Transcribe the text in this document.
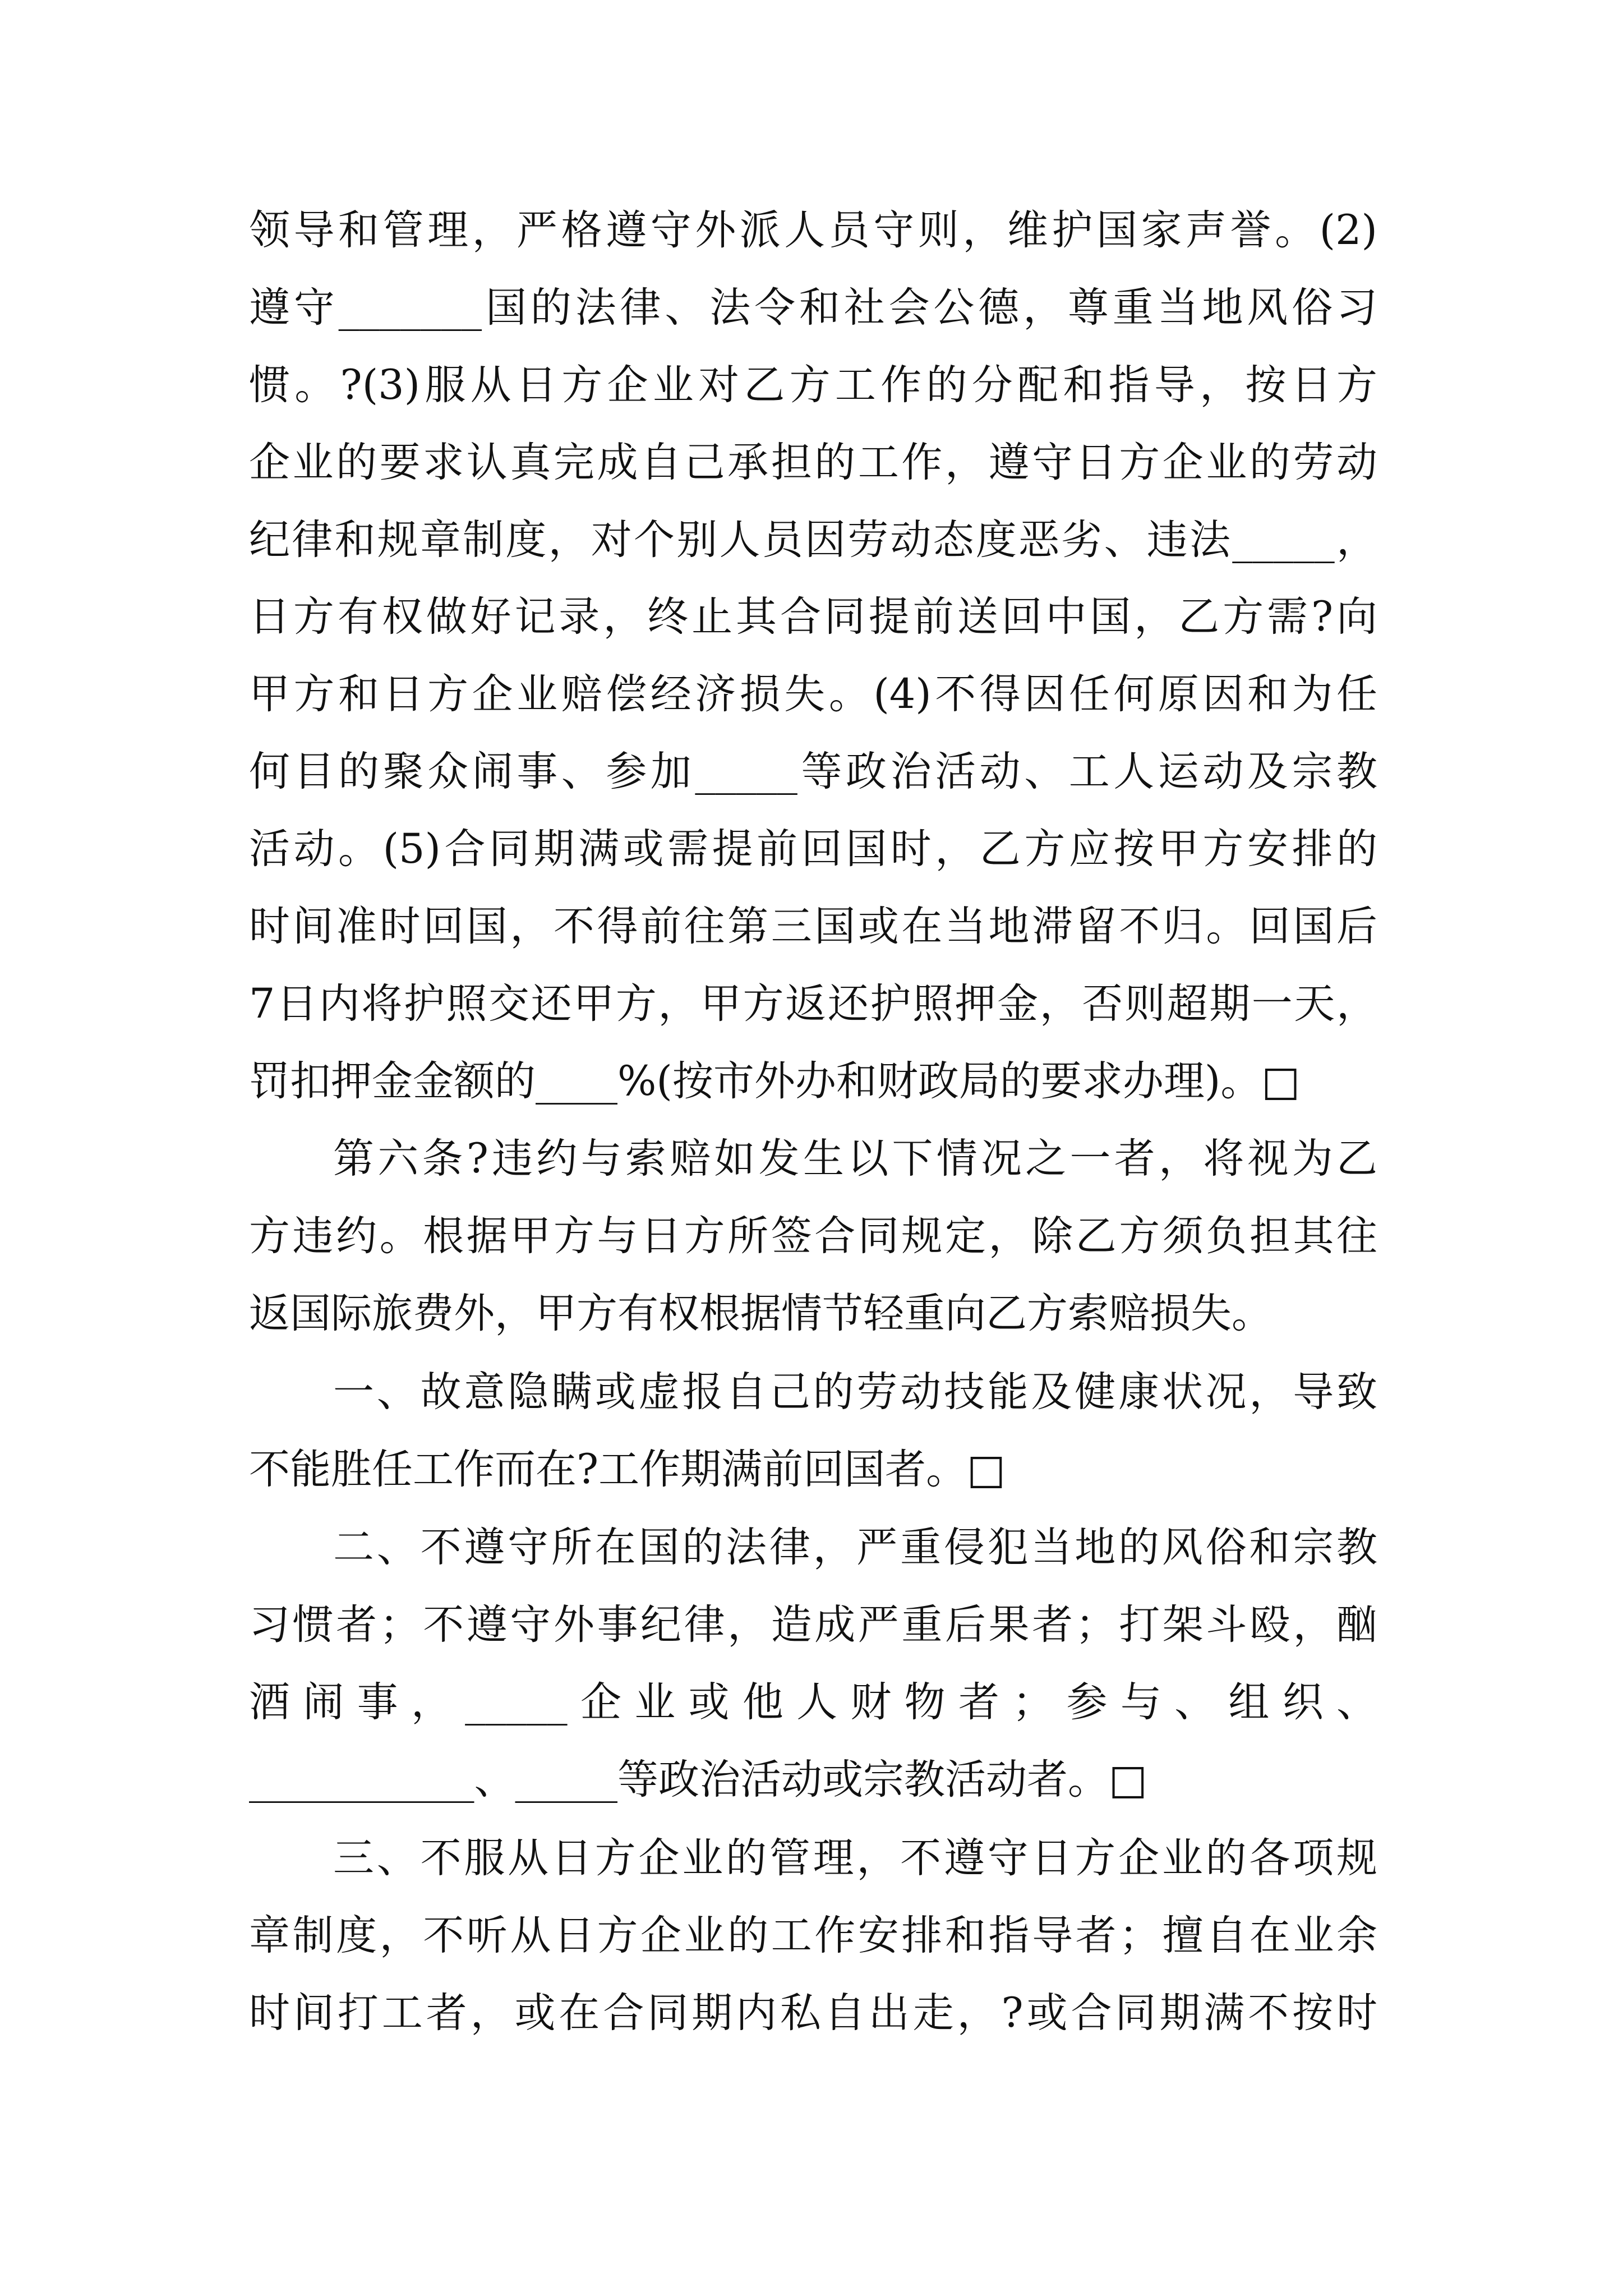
领导和管理，严格遵守外派人员守则，维护国家声誉。(2)
遵守_______国的法律、法令和社会公德，尊重当地风俗习
惯。?(3)服从日方企业对乙方工作的分配和指导，按日方
企业的要求认真完成自己承担的工作，遵守日方企业的劳动
纪律和规章制度，对个别人员因劳动态度恶劣、违法_____，
日方有权做好记录，终止其合同提前送回中国，乙方需?向
甲方和日方企业赔偿经济损失。(4)不得因任何原因和为任
何目的聚众闹事、参加_____等政治活动、工人运动及宗教
活动。(5)合同期满或需提前回国时，乙方应按甲方安排的
时间准时回国，不得前往第三国或在当地滞留不归。回国后
7日内将护照交还甲方，甲方返还护照押金，否则超期一天，
罚扣押金金额的____%(按市外办和财政局的要求办理)。□
第六条?违约与索赔如发生以下情况之一者，将视为乙
方违约。根据甲方与日方所签合同规定，除乙方须负担其往
返国际旅费外，甲方有权根据情节轻重向乙方索赔损失。
一、故意隐瞒或虚报自己的劳动技能及健康状况，导致
不能胜任工作而在?工作期满前回国者。□
二、不遵守所在国的法律，严重侵犯当地的风俗和宗教
习惯者；不遵守外事纪律，造成严重后果者；打架斗殴，酗
酒闹事，_____企业或他人财物者；参与、组织、
___________、_____等政治活动或宗教活动者。□
三、不服从日方企业的管理，不遵守日方企业的各项规
章制度，不听从日方企业的工作安排和指导者；擅自在业余
时间打工者，或在合同期内私自出走，?或合同期满不按时
